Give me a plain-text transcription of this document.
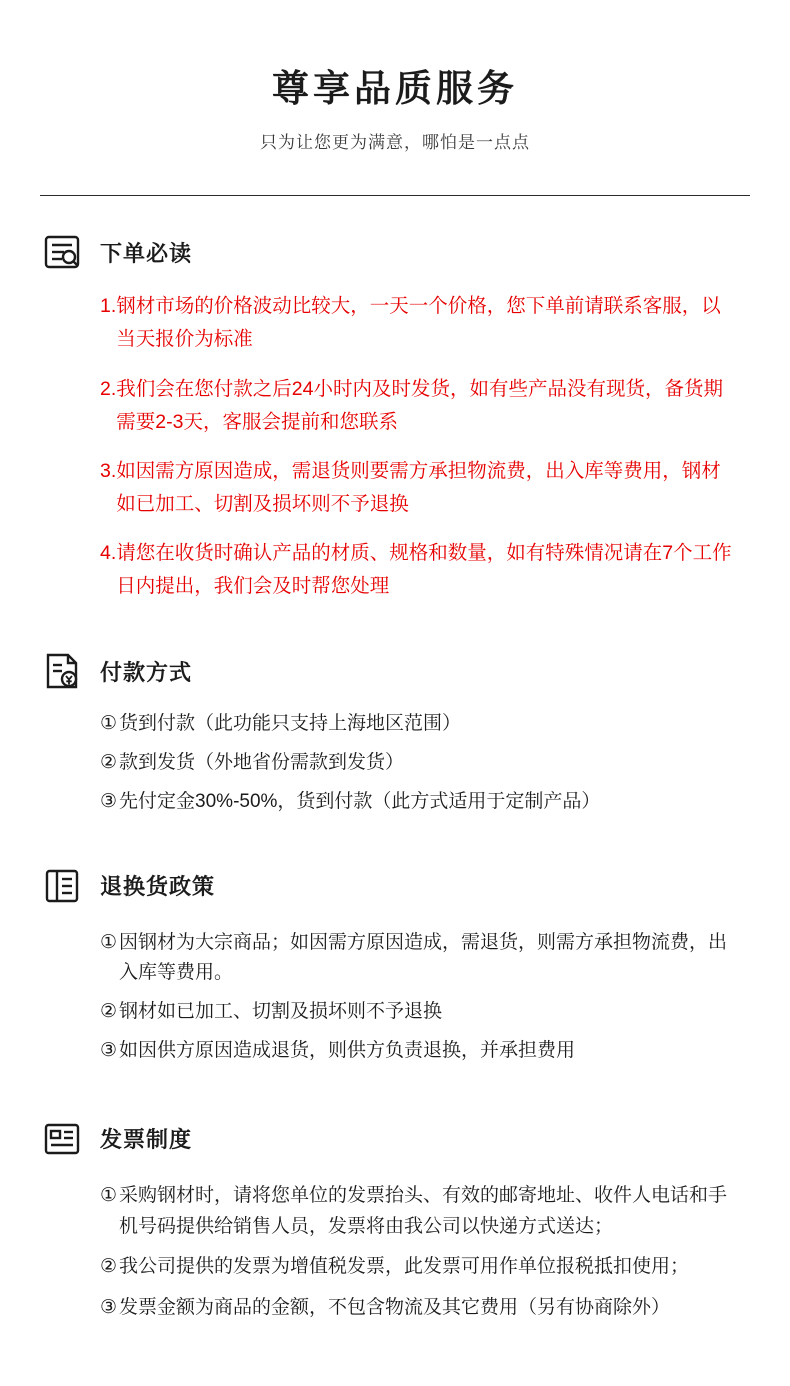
尊享品质服务
只为让您更为满意，哪怕是一点点
下单必读
1. 钢材市场的价格波动比较大，一天一个价格，您下单前请联系客服，以当天报价为标准
2. 我们会在您付款之后24小时内及时发货，如有些产品没有现货，备货期需要2-3天，客服会提前和您联系
3. 如因需方原因造成，需退货则要需方承担物流费，出入库等费用，钢材如已加工、切割及损坏则不予退换
4. 请您在收货时确认产品的材质、规格和数量，如有特殊情况请在7个工作日内提出，我们会及时帮您处理
付款方式
① 货到付款（此功能只支持上海地区范围）
② 款到发货（外地省份需款到发货）
③ 先付定金30%-50%，货到付款（此方式适用于定制产品）
退换货政策
① 因钢材为大宗商品；如因需方原因造成，需退货，则需方承担物流费，出入库等费用。
② 钢材如已加工、切割及损坏则不予退换
③ 如因供方原因造成退货，则供方负责退换，并承担费用
发票制度
① 采购钢材时，请将您单位的发票抬头、有效的邮寄地址、收件人电话和手机号码提供给销售人员，发票将由我公司以快递方式送达；
② 我公司提供的发票为增值税发票，此发票可用作单位报税抵扣使用；
③ 发票金额为商品的金额，不包含物流及其它费用（另有协商除外）
